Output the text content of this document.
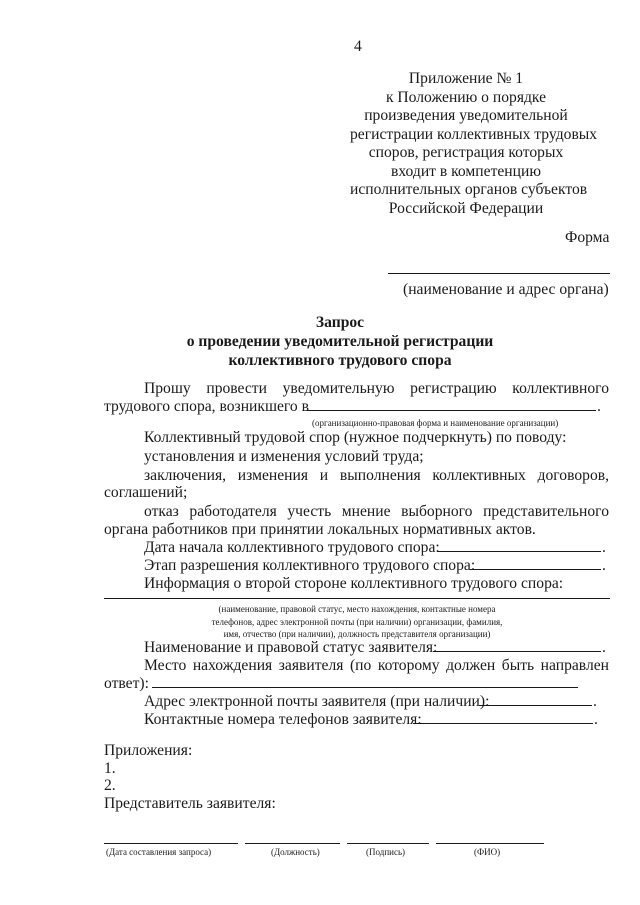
4
Приложение № 1
к Положению о порядке
произведения уведомительной
регистрации коллективных трудовых
споров, регистрация которых
входит в компетенцию
исполнительных органов субъектов
Российской Федерации
Форма
(наименование и адрес органа)
Запрос
о проведении уведомительной регистрации
коллективного трудового спора
Прошу провести уведомительную регистрацию коллективного
трудового спора, возникшего в	.
(организационно-правовая форма и наименование организации)
Коллективный трудовой спор (нужное подчеркнуть) по поводу:
установления и изменения условий труда;
заключения, изменения и выполнения коллективных договоров,
соглашений;
отказ работодателя учесть мнение выборного представительного
органа работников при принятии локальных нормативных актов.
Дата начала коллективного трудового спора:	.
Этап разрешения коллективного трудового спора:	.
Информация о второй стороне коллективного трудового спора:
(наименование, правовой статус, место нахождения, контактные номера
телефонов, адрес электронной почты (при наличии) организации, фамилия,
имя, отчество (при наличии), должность представителя организации)
Наименование и правовой статус заявителя:	.
Место нахождения заявителя (по которому должен быть направлен
ответ):
Адрес электронной почты заявителя (при наличии):	.
Контактные номера телефонов заявителя:	.
Приложения:
1.
2.
Представитель заявителя:
(Дата составления запроса)	(Должность)	(Подпись)	(ФИО)
